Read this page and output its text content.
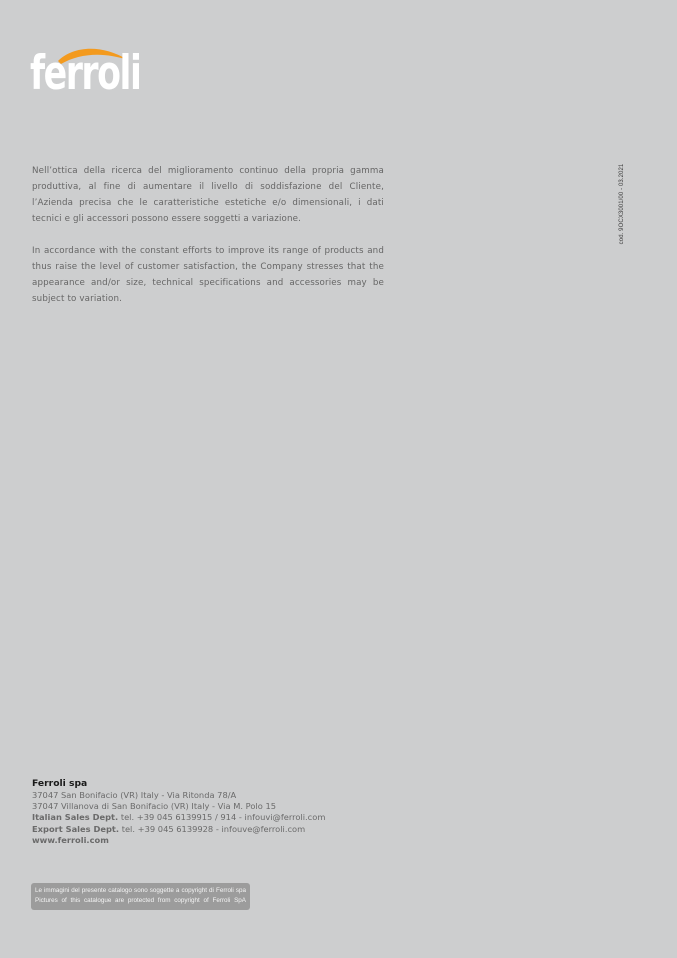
ferroli
Nell’ottica della ricerca del miglioramento continuo della propria gamma produttiva, al fine di aumentare il livello di soddisfazione del Cliente, l’Azienda precisa che le caratteristiche estetiche e/o dimensionali, i dati tecnici e gli accessori possono essere soggetti a variazione.
In accordance with the constant efforts to improve its range of products and thus raise the level of customer satisfaction, the Company stresses that the appearance and/or size, technical specifications and accessories may be subject to variation.
cod. 9OCX3001/00 - 03.2021
Ferroli spa
37047 San Bonifacio (VR) Italy - Via Ritonda 78/A
37047 Villanova di San Bonifacio (VR) Italy - Via M. Polo 15
Italian Sales Dept. tel. +39 045 6139915 / 914 - infouvi@ferroli.com
Export Sales Dept. tel. +39 045 6139928 - infouve@ferroli.com
www.ferroli.com
Le immagini del presente catalogo sono soggette a copyright di Ferroli spa
Pictures of this catalogue are protected from copyright of Ferroli SpA
